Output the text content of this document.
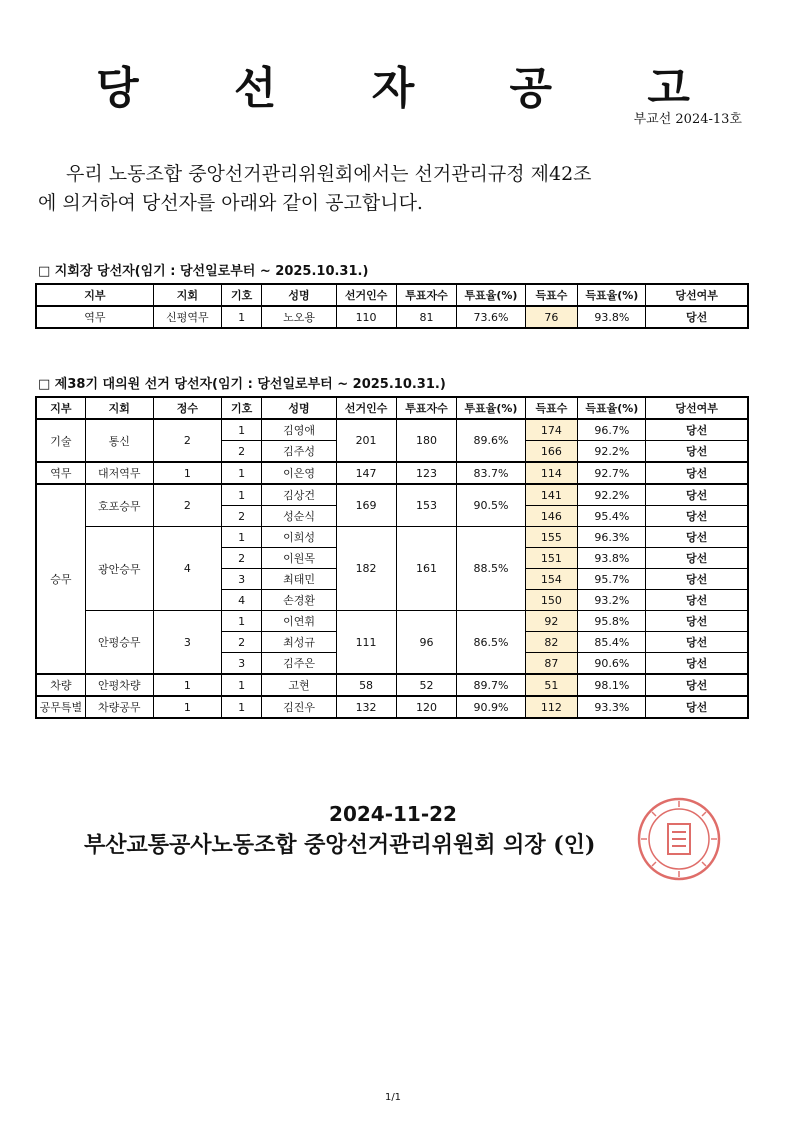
당 선 자 공 고
부교선 2024-13호

우리 노동조합 중앙선거관리위원회에서는 선거관리규정 제42조

에 의거하여 당선자를 아래와 같이 공고합니다.

□ 지회장 당선자(임기 : 당선일로부터 ~ 2025.10.31.)
지부	지회	기호	성명	선거인수	투표자수	투표율(%)	득표수	득표율(%)	당선여부
역무	신평역무	1	노오용	110	81	73.6%	76	93.8%	당선
□ 제38기 대의원 선거 당선자(임기 : 당선일로부터 ~ 2025.10.31.)
지부	지회	정수	기호	성명	선거인수	투표자수	투표율(%)	득표수	득표율(%)	당선여부
기술	통신	2	1	김영애	201	180	89.6%	174	96.7%	당선
			2	김주성				166	92.2%	당선
역무	대저역무	1	1	이은영	147	123	83.7%	114	92.7%	당선
승무	호포승무	2	1	김상건	169	153	90.5%	141	92.2%	당선
			2	성순식				146	95.4%	당선
	광안승무	4	1	이희성	182	161	88.5%	155	96.3%	당선
			2	이원목				151	93.8%	당선
			3	최태민				154	95.7%	당선
			4	손경환				150	93.2%	당선
	안평승무	3	1	이연휘	111	96	86.5%	92	95.8%	당선
			2	최성규				82	85.4%	당선
			3	김주은				87	90.6%	당선
차량	안평차량	1	1	고현	58	52	89.7%	51	98.1%	당선
공무특별	차량공무	1	1	김진우	132	120	90.9%	112	93.3%	당선
2024-11-22
부산교통공사노동조합 중앙선거관리위원회 의장 (인)
1/1
